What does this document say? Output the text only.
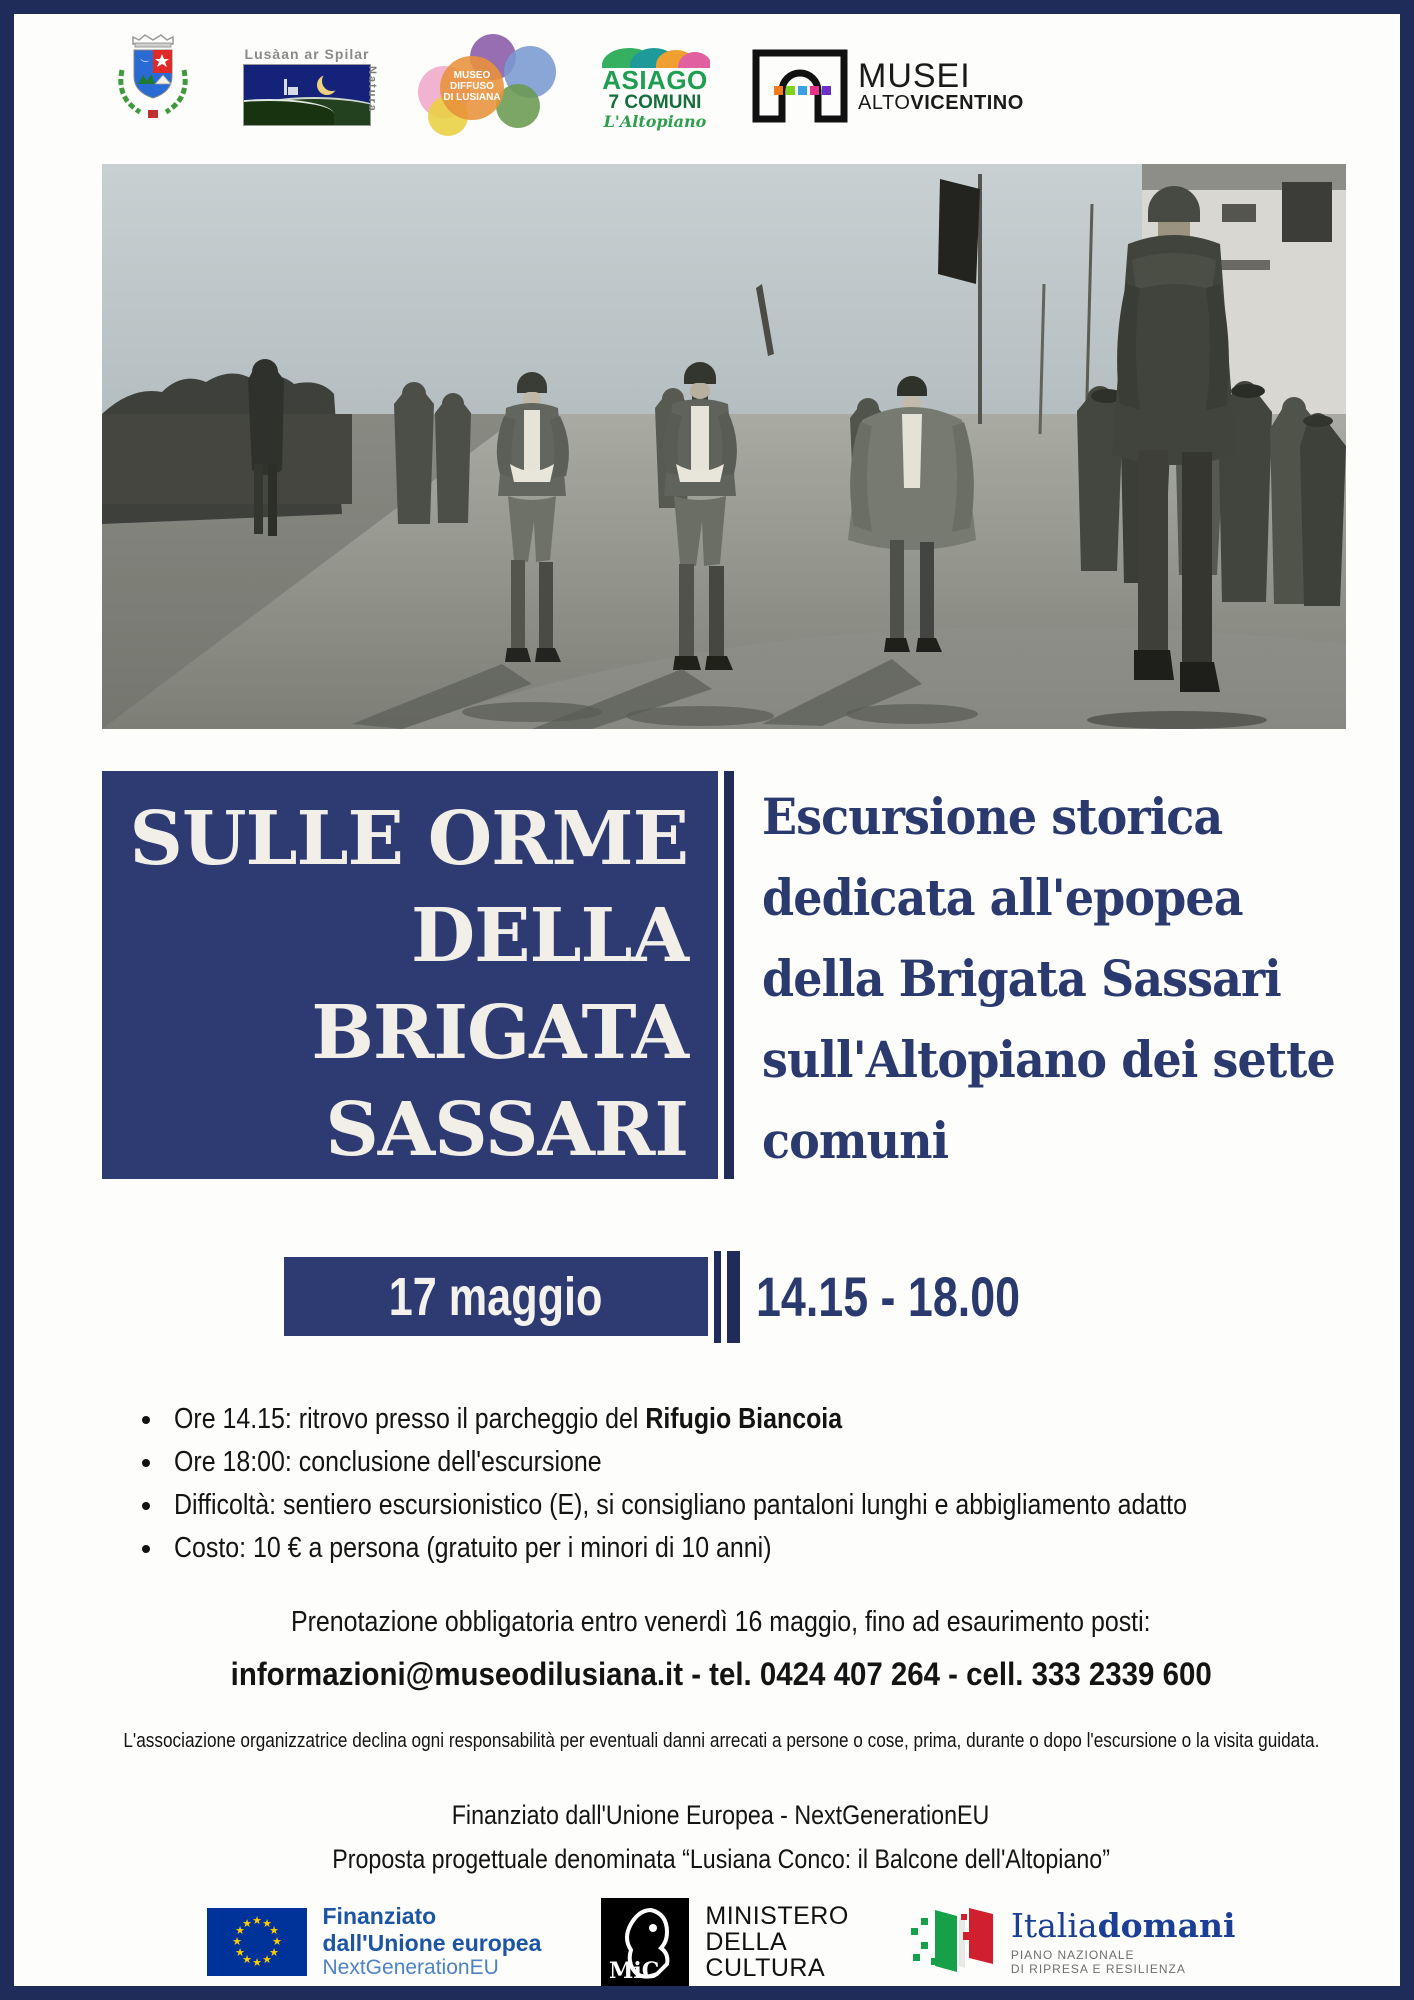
Lusàan ar Spilar
Natura	MUSEO
DIFFUSO
DI LUSIANA
ASIAGO
7 COMUNI
L'Altopiano
MUSEI
ALTOVICENTINO
SULLE ORME
DELLA
BRIGATA
SASSARI
Escursione storica
dedicata all'epopea
della Brigata Sassari
sull'Altopiano dei sette
comuni
17 maggio	14.15 - 18.00
Ore 14.15: ritrovo presso il parcheggio del Rifugio Biancoia
Ore 18:00: conclusione dell'escursione
Difficoltà: sentiero escursionistico (E), si consigliano pantaloni lunghi e abbigliamento adatto
Costo: 10 € a persona (gratuito per i minori di 10 anni)
Prenotazione obbligatoria entro venerdì 16 maggio, fino ad esaurimento posti:
informazioni@museodilusiana.it - tel. 0424 407 264 - cell. 333 2339 600
L'associazione organizzatrice declina ogni responsabilità per eventuali danni arrecati a persone o cose, prima, durante o dopo l'escursione o la visita guidata.
Finanziato dall'Unione Europea - NextGenerationEU
Proposta progettuale denominata “Lusiana Conco: il Balcone dell'Altopiano”
★ ★
★
★
★
★
★
★
★
★
★
★	Finanziato
dall'Unione europea
NextGenerationEU	MiC
MINISTERO
DELLA
CULTURA
Italiadomani
PIANO NAZIONALE
DI RIPRESA E RESILIENZA
